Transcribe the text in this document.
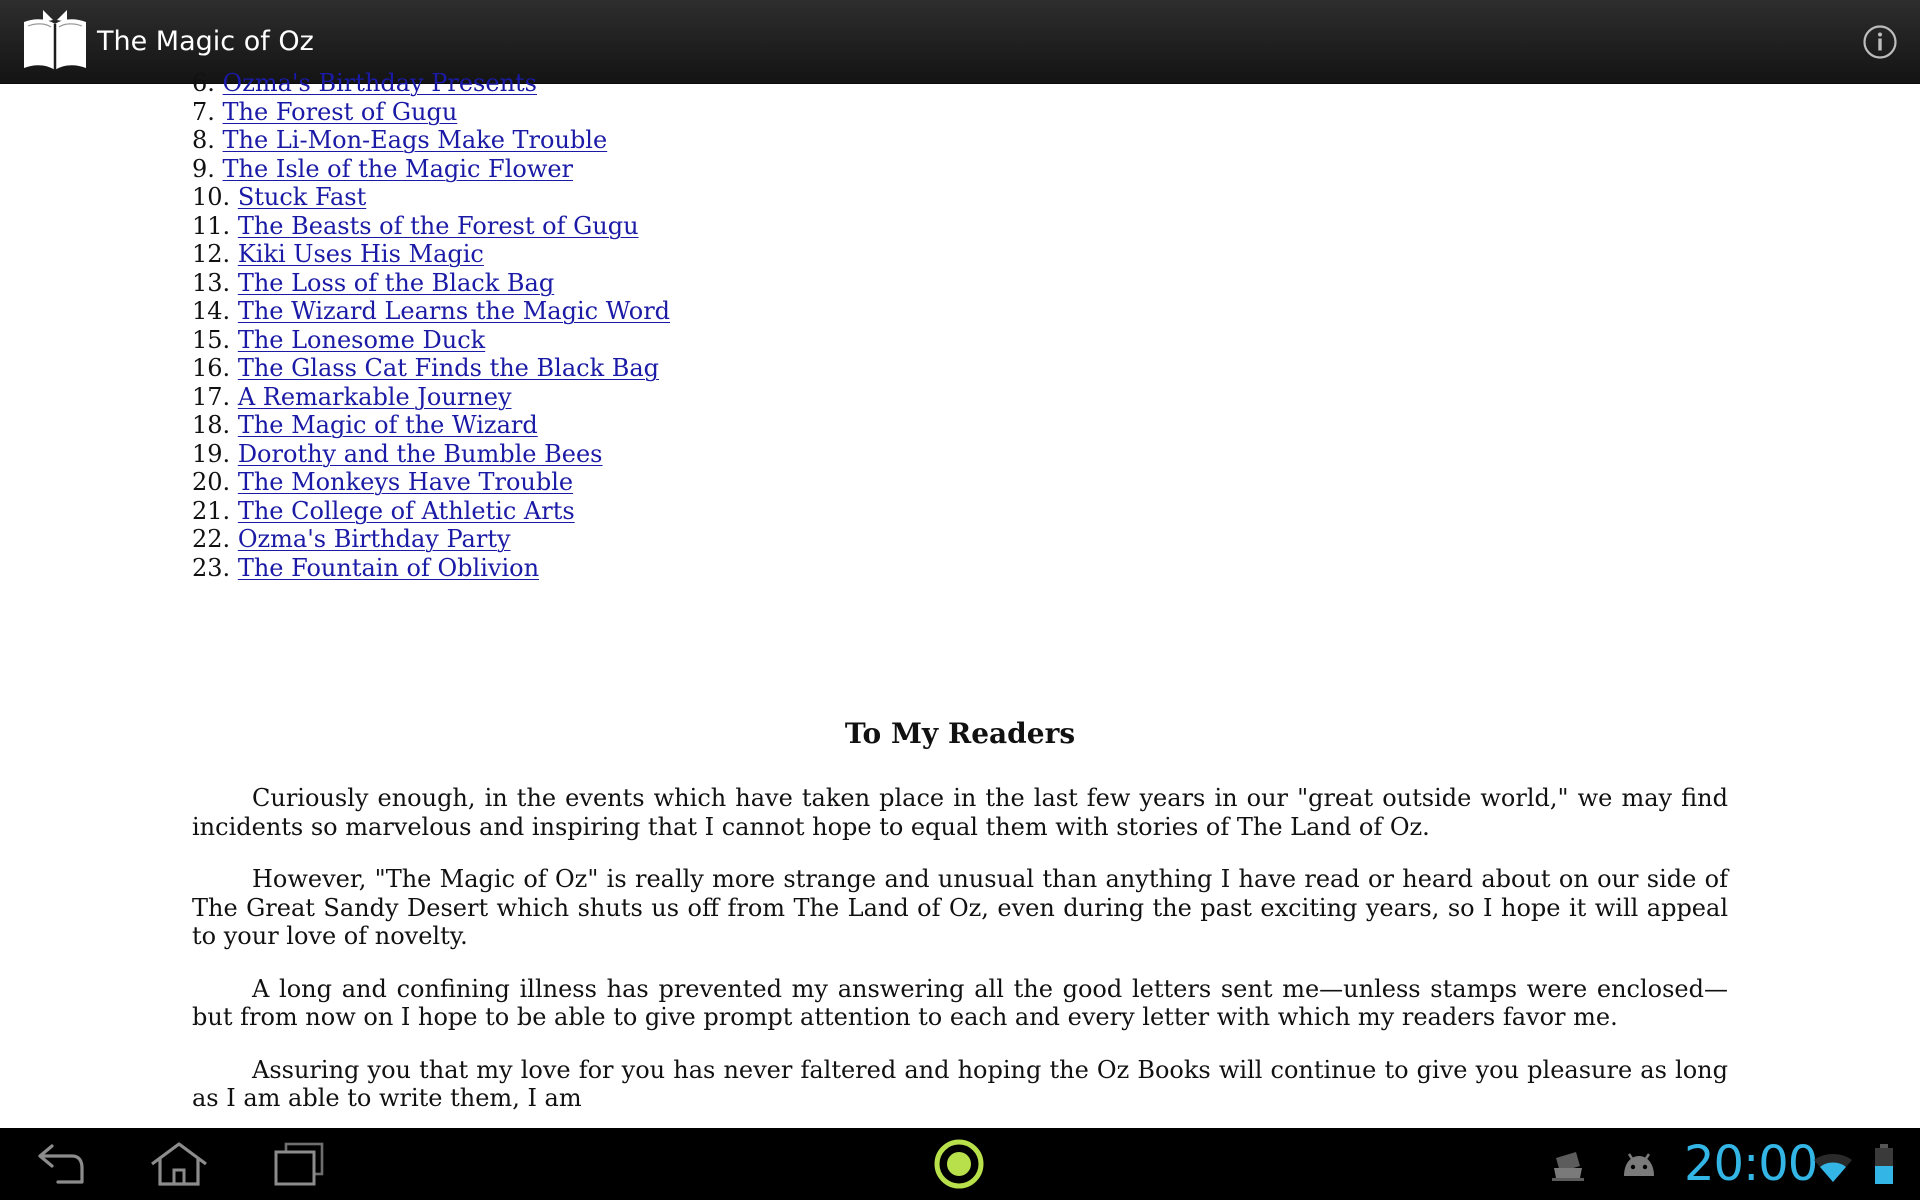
The Magic of Oz
6. Ozma's Birthday Presents
7. The Forest of Gugu
8. The Li-Mon-Eags Make Trouble
9. The Isle of the Magic Flower
10. Stuck Fast
11. The Beasts of the Forest of Gugu
12. Kiki Uses His Magic
13. The Loss of the Black Bag
14. The Wizard Learns the Magic Word
15. The Lonesome Duck
16. The Glass Cat Finds the Black Bag
17. A Remarkable Journey
18. The Magic of the Wizard
19. Dorothy and the Bumble Bees
20. The Monkeys Have Trouble
21. The College of Athletic Arts
22. Ozma's Birthday Party
23. The Fountain of Oblivion
To My Readers

Curiously enough, in the events which have taken place in the last few years in our "great outside world," we may find incidents so marvelous and inspiring that I cannot hope to equal them with stories of The Land of Oz.

However, "The Magic of Oz" is really more strange and unusual than anything I have read or heard about on our side of The Great Sandy Desert which shuts us off from The Land of Oz, even during the past exciting years, so I hope it will appeal to your love of novelty.

A long and confining illness has prevented my answering all the good letters sent me—unless stamps were enclosed—but from now on I hope to be able to give prompt attention to each and every letter with which my readers favor me.

Assuring you that my love for you has never faltered and hoping the Oz Books will continue to give you pleasure as long as I am able to write them, I am

20:00
